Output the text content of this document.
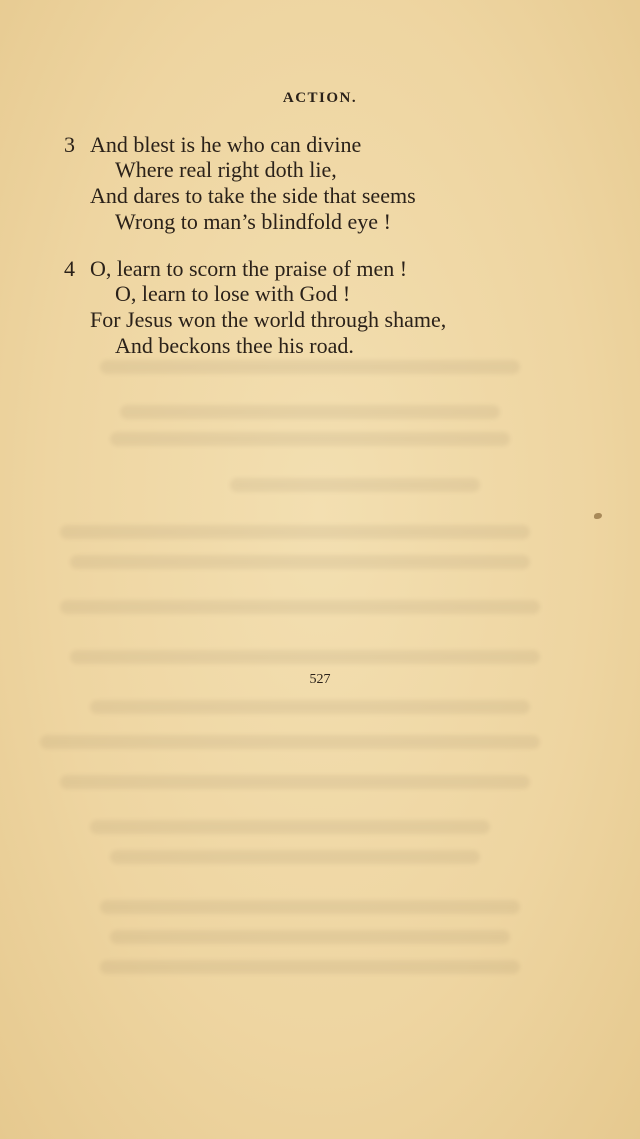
ACTION.
3 And blest is he who can divine
Where real right doth lie,
And dares to take the side that seems
Wrong to man’s blindfold eye !
4 O, learn to scorn the praise of men !
O, learn to lose with God !
For Jesus won the world through shame,
And beckons thee his road.
527
